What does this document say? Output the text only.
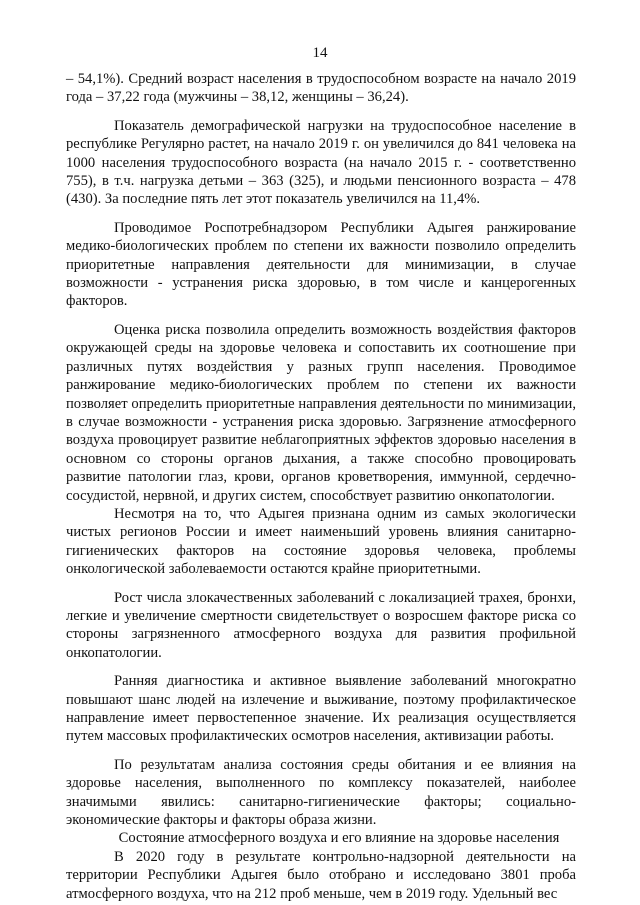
14

– 54,1%). Средний возраст населения в трудоспособном возрасте на начало 2019 года – 37,22 года (мужчины – 38,12, женщины – 36,24).

Показатель демографической нагрузки на трудоспособное население в республике Регулярно растет, на начало 2019 г. он увеличился до 841 человека на 1000 населения трудоспособного возраста (на начало 2015 г. - соответственно 755), в т.ч. нагрузка детьми – 363 (325), и людьми пенсионного возраста – 478 (430). За последние пять лет этот показатель увеличился на 11,4%.

Проводимое Роспотребнадзором Республики Адыгея ранжирование медико-биологических проблем по степени их важности позволило определить приоритетные направления деятельности для минимизации, в случае возможности - устранения риска здоровью, в том числе и канцерогенных факторов.

Оценка риска позволила определить возможность воздействия факторов окружающей среды на здоровье человека и сопоставить их соотношение при различных путях воздействия у разных групп населения. Проводимое ранжирование медико-биологических проблем по степени их важности позволяет определить приоритетные направления деятельности по минимизации, в случае возможности - устранения риска здоровью. Загрязнение атмосферного воздуха провоцирует развитие неблагоприятных эффектов здоровью населения в основном со стороны органов дыхания, а также способно провоцировать развитие патологии глаз, крови, органов кроветворения, иммунной, сердечно-сосудистой, нервной, и других систем, способствует развитию онкопатологии.

Несмотря на то, что Адыгея признана одним из самых экологически чистых регионов России и имеет наименьший уровень влияния санитарно-гигиенических факторов на состояние здоровья человека, проблемы онкологической заболеваемости остаются крайне приоритетными.

Рост числа злокачественных заболеваний с локализацией трахея, бронхи, легкие и увеличение смертности свидетельствует о возросшем факторе риска со стороны загрязненного атмосферного воздуха для развития профильной онкопатологии.

Ранняя диагностика и активное выявление заболеваний многократно повышают шанс людей на излечение и выживание, поэтому профилактическое направление имеет первостепенное значение. Их реализация осуществляется путем массовых профилактических осмотров населения, активизации работы.

По результатам анализа состояния среды обитания и ее влияния на здоровье населения, выполненного по комплексу показателей, наиболее значимыми явились: санитарно-гигиенические факторы; социально-экономические факторы и факторы образа жизни.

Состояние атмосферного воздуха и его влияние на здоровье населения

В 2020 году в результате контрольно-надзорной деятельности на территории Республики Адыгея было отобрано и исследовано 3801 проба атмосферного воздуха, что на 212 проб меньше, чем в 2019 году. Удельный вес
